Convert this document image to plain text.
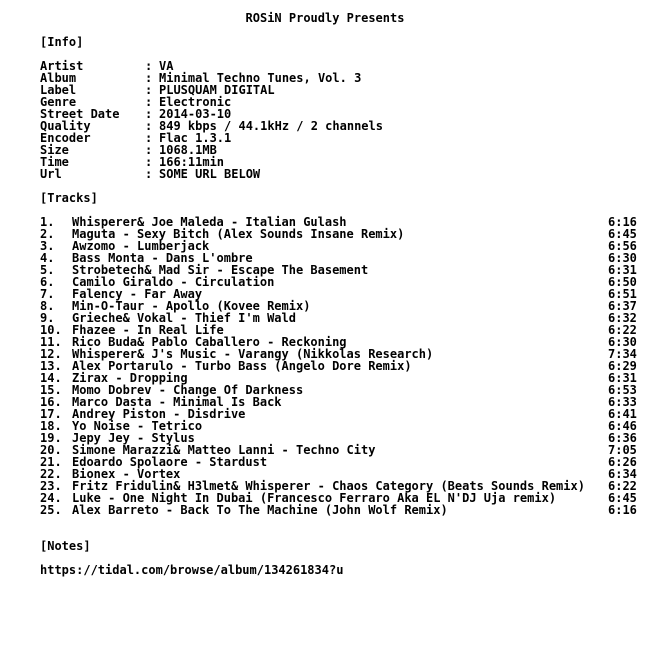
ROSiN Proudly Presents
[Info]
Artist	: VA
Album	: Minimal Techno Tunes, Vol. 3
Label	: PLUSQUAM DIGITAL
Genre	: Electronic
Street Date	: 2014-03-10
Quality	: 849 kbps / 44.1kHz / 2 channels
Encoder	: Flac 1.3.1
Size	: 1068.1MB
Time	: 166:11min
Url	: SOME URL BELOW
[Tracks]
1.	Whisperer& Joe Maleda - Italian Gulash	6:16
2.	Maguta - Sexy Bitch (Alex Sounds Insane Remix)	6:45
3.	Awzomo - Lumberjack	6:56
4.	Bass Monta - Dans L'ombre	6:30
5.	Strobetech& Mad Sir - Escape The Basement	6:31
6.	Camilo Giraldo - Circulation	6:50
7.	Falency - Far Away	6:51
8.	Min-O-Taur - Apollo (Kovee Remix)	6:37
9.	Grieche& Vokal - Thief I'm Wald	6:32
10. Fhazee - In Real Life	6:22
11. Rico Buda& Pablo Caballero - Reckoning	6:30
12. Whisperer& J's Music - Varangy (Nikkolas Research)	7:34
13. Alex Portarulo - Turbo Bass (Angelo Dore Remix)	6:29
14. Zirax - Dropping	6:31
15. Momo Dobrev - Change Of Darkness	6:53
16. Marco Dasta - Minimal Is Back	6:33
17. Andrey Piston - Disdrive	6:41
18. Yo Noise - Tetrico	6:46
19. Jepy Jey - Stylus	6:36
20. Simone Marazzi& Matteo Lanni - Techno City	7:05
21. Edoardo Spolaore - Stardust	6:26
22. Bionex - Vortex	6:34
23. Fritz Fridulin& H3lmet& Whisperer - Chaos Category (Beats Sounds Remix)	6:22
24. Luke - One Night In Dubai (Francesco Ferraro Aka EL N'DJ Uja remix)	6:45
25. Alex Barreto - Back To The Machine (John Wolf Remix)	6:16
[Notes]
https://tidal.com/browse/album/134261834?u
